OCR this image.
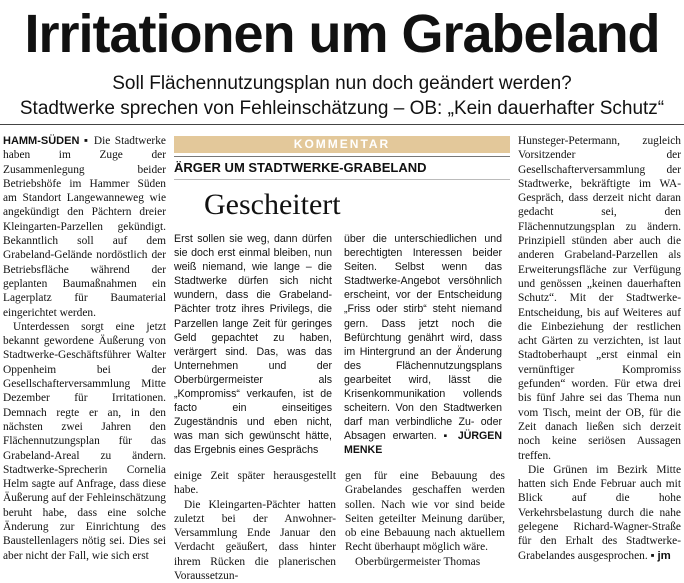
Irritationen um Grabeland
Soll Flächennutzungsplan nun doch geändert werden?
Stadtwerke sprechen von Fehleinschätzung – OB: „Kein dauerhafter Schutz“

HAMM-SÜDEN ▪ Die Stadtwerke haben im Zuge der Zusammenlegung beider Betriebshöfe im Hammer Süden am Standort Langewanneweg wie angekündigt den Pächtern dreier Kleingarten-Parzellen gekündigt. Bekanntlich soll auf dem Grabeland-Gelände nordöstlich der Betriebsfläche während der geplanten Baumaßnahmen ein Lagerplatz für Baumaterial eingerichtet werden.

Unterdessen sorgt eine jetzt bekannt gewordene Äußerung von Stadtwerke-Geschäftsführer Walter Oppenheim bei der Gesellschafterversammlung Mitte Dezember für Irritationen. Demnach regte er an, in den nächsten zwei Jahren den Flächennutzungsplan für das Grabeland-Areal zu ändern. Stadtwerke-Sprecherin Cornelia Helm sagte auf Anfrage, dass diese Äußerung auf der Fehleinschätzung beruht habe, dass eine solche Änderung zur Einrichtung des Baustellenlagers nötig sei. Dies sei aber nicht der Fall, wie sich erst

KOMMENTAR
ÄRGER UM STADTWERKE-GRABELAND
Gescheitert

Erst sollen sie weg, dann dürfen sie doch erst einmal bleiben, nun weiß niemand, wie lange – die Stadtwerke dürfen sich nicht wundern, dass die Grabeland-Pächter trotz ihres Privilegs, die Parzellen lange Zeit für geringes Geld gepachtet zu haben, verärgert sind. Das, was das Unternehmen und der Oberbürgermeister als „Kompromiss“ verkaufen, ist de facto ein einseitiges Zugeständnis und eben nicht, was man sich gewünscht hätte, das Ergebnis eines Gesprächs

über die unterschiedlichen und berechtigten Interessen beider Seiten. Selbst wenn das Stadtwerke-Angebot versöhnlich erscheint, vor der Entscheidung „Friss oder stirb“ steht niemand gern. Dass jetzt noch die Befürchtung genährt wird, dass im Hintergrund an der Änderung des Flächennutzungsplans gearbeitet wird, lässt die Krisenkommunikation vollends scheitern. Von den Stadtwerken darf man verbindliche Zu- oder Absagen erwarten. ▪ JÜRGEN MENKE

einige Zeit später herausgestellt habe.

Die Kleingarten-Pächter hatten zuletzt bei der Anwohner-Versammlung Ende Januar den Verdacht geäußert, dass hinter ihrem Rücken die planerischen Voraussetzun-

gen für eine Bebauung des Grabelandes geschaffen werden sollen. Nach wie vor sind beide Seiten geteilter Meinung darüber, ob eine Bebauung nach aktuellem Recht überhaupt möglich wäre.

Oberbürgermeister Thomas

Hunsteger-Petermann, zugleich Vorsitzender der Gesellschafterversammlung der Stadtwerke, bekräftigte im WA-Gespräch, dass derzeit nicht daran gedacht sei, den Flächennutzungsplan zu ändern. Prinzipiell stünden aber auch die anderen Grabeland-Parzellen als Erweiterungsfläche zur Verfügung und genössen „keinen dauerhaften Schutz“. Mit der Stadtwerke-Entscheidung, bis auf Weiteres auf die Einbeziehung der restlichen acht Gärten zu verzichten, ist laut Stadtoberhaupt „erst einmal ein vernünftiger Kompromiss gefunden“ worden. Für etwa drei bis fünf Jahre sei das Thema nun vom Tisch, meint der OB, für die Zeit danach ließen sich derzeit noch keine seriösen Aussagen treffen.

Die Grünen im Bezirk Mitte hatten sich Ende Februar auch mit Blick auf die hohe Verkehrsbelastung durch die nahe gelegene Richard-Wagner-Straße für den Erhalt des Stadtwerke-Grabelandes ausgesprochen. ▪ jm
